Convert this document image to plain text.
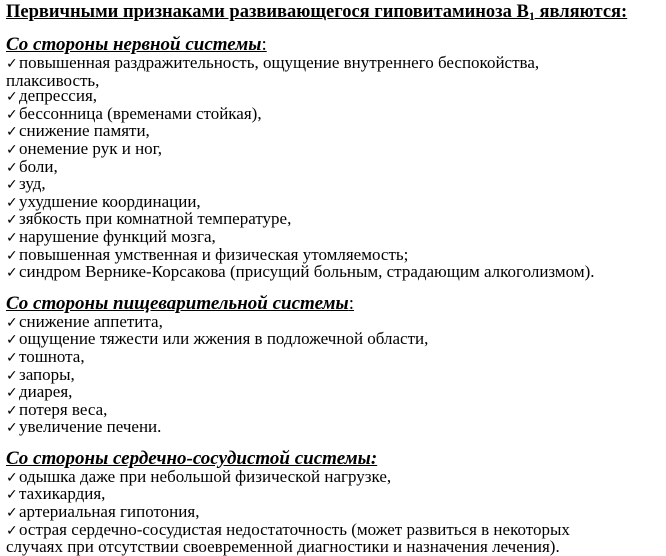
Первичными признаками развивающегося гиповитаминоза $В_1$ являются:

Со стороны нервной системы:

✓повышенная раздражительность, ощущение внутреннего беспокойства,
плаксивость,
✓депрессия,
✓бессонница (временами стойкая),
✓снижение памяти,
✓онемение рук и ног,
✓боли,
✓зуд,
✓ухудшение координации,
✓зябкость при комнатной температуре,
✓нарушение функций мозга,
✓повышенная умственная и физическая утомляемость;
✓синдром Вернике-Корсакова (присущий больным, страдающим алкоголизмом).

Со стороны пищеварительной системы:

✓снижение аппетита,
✓ощущение тяжести или жжения в подложечной области,
✓тошнота,
✓запоры,
✓диарея,
✓потеря веса,
✓увеличение печени.

Со стороны сердечно-сосудистой системы:

✓одышка даже при небольшой физической нагрузке,
✓тахикардия,
✓артериальная гипотония,
✓острая сердечно-сосудистая недостаточность (может развиться в некоторых
случаях при отсутствии своевременной диагностики и назначения лечения).
